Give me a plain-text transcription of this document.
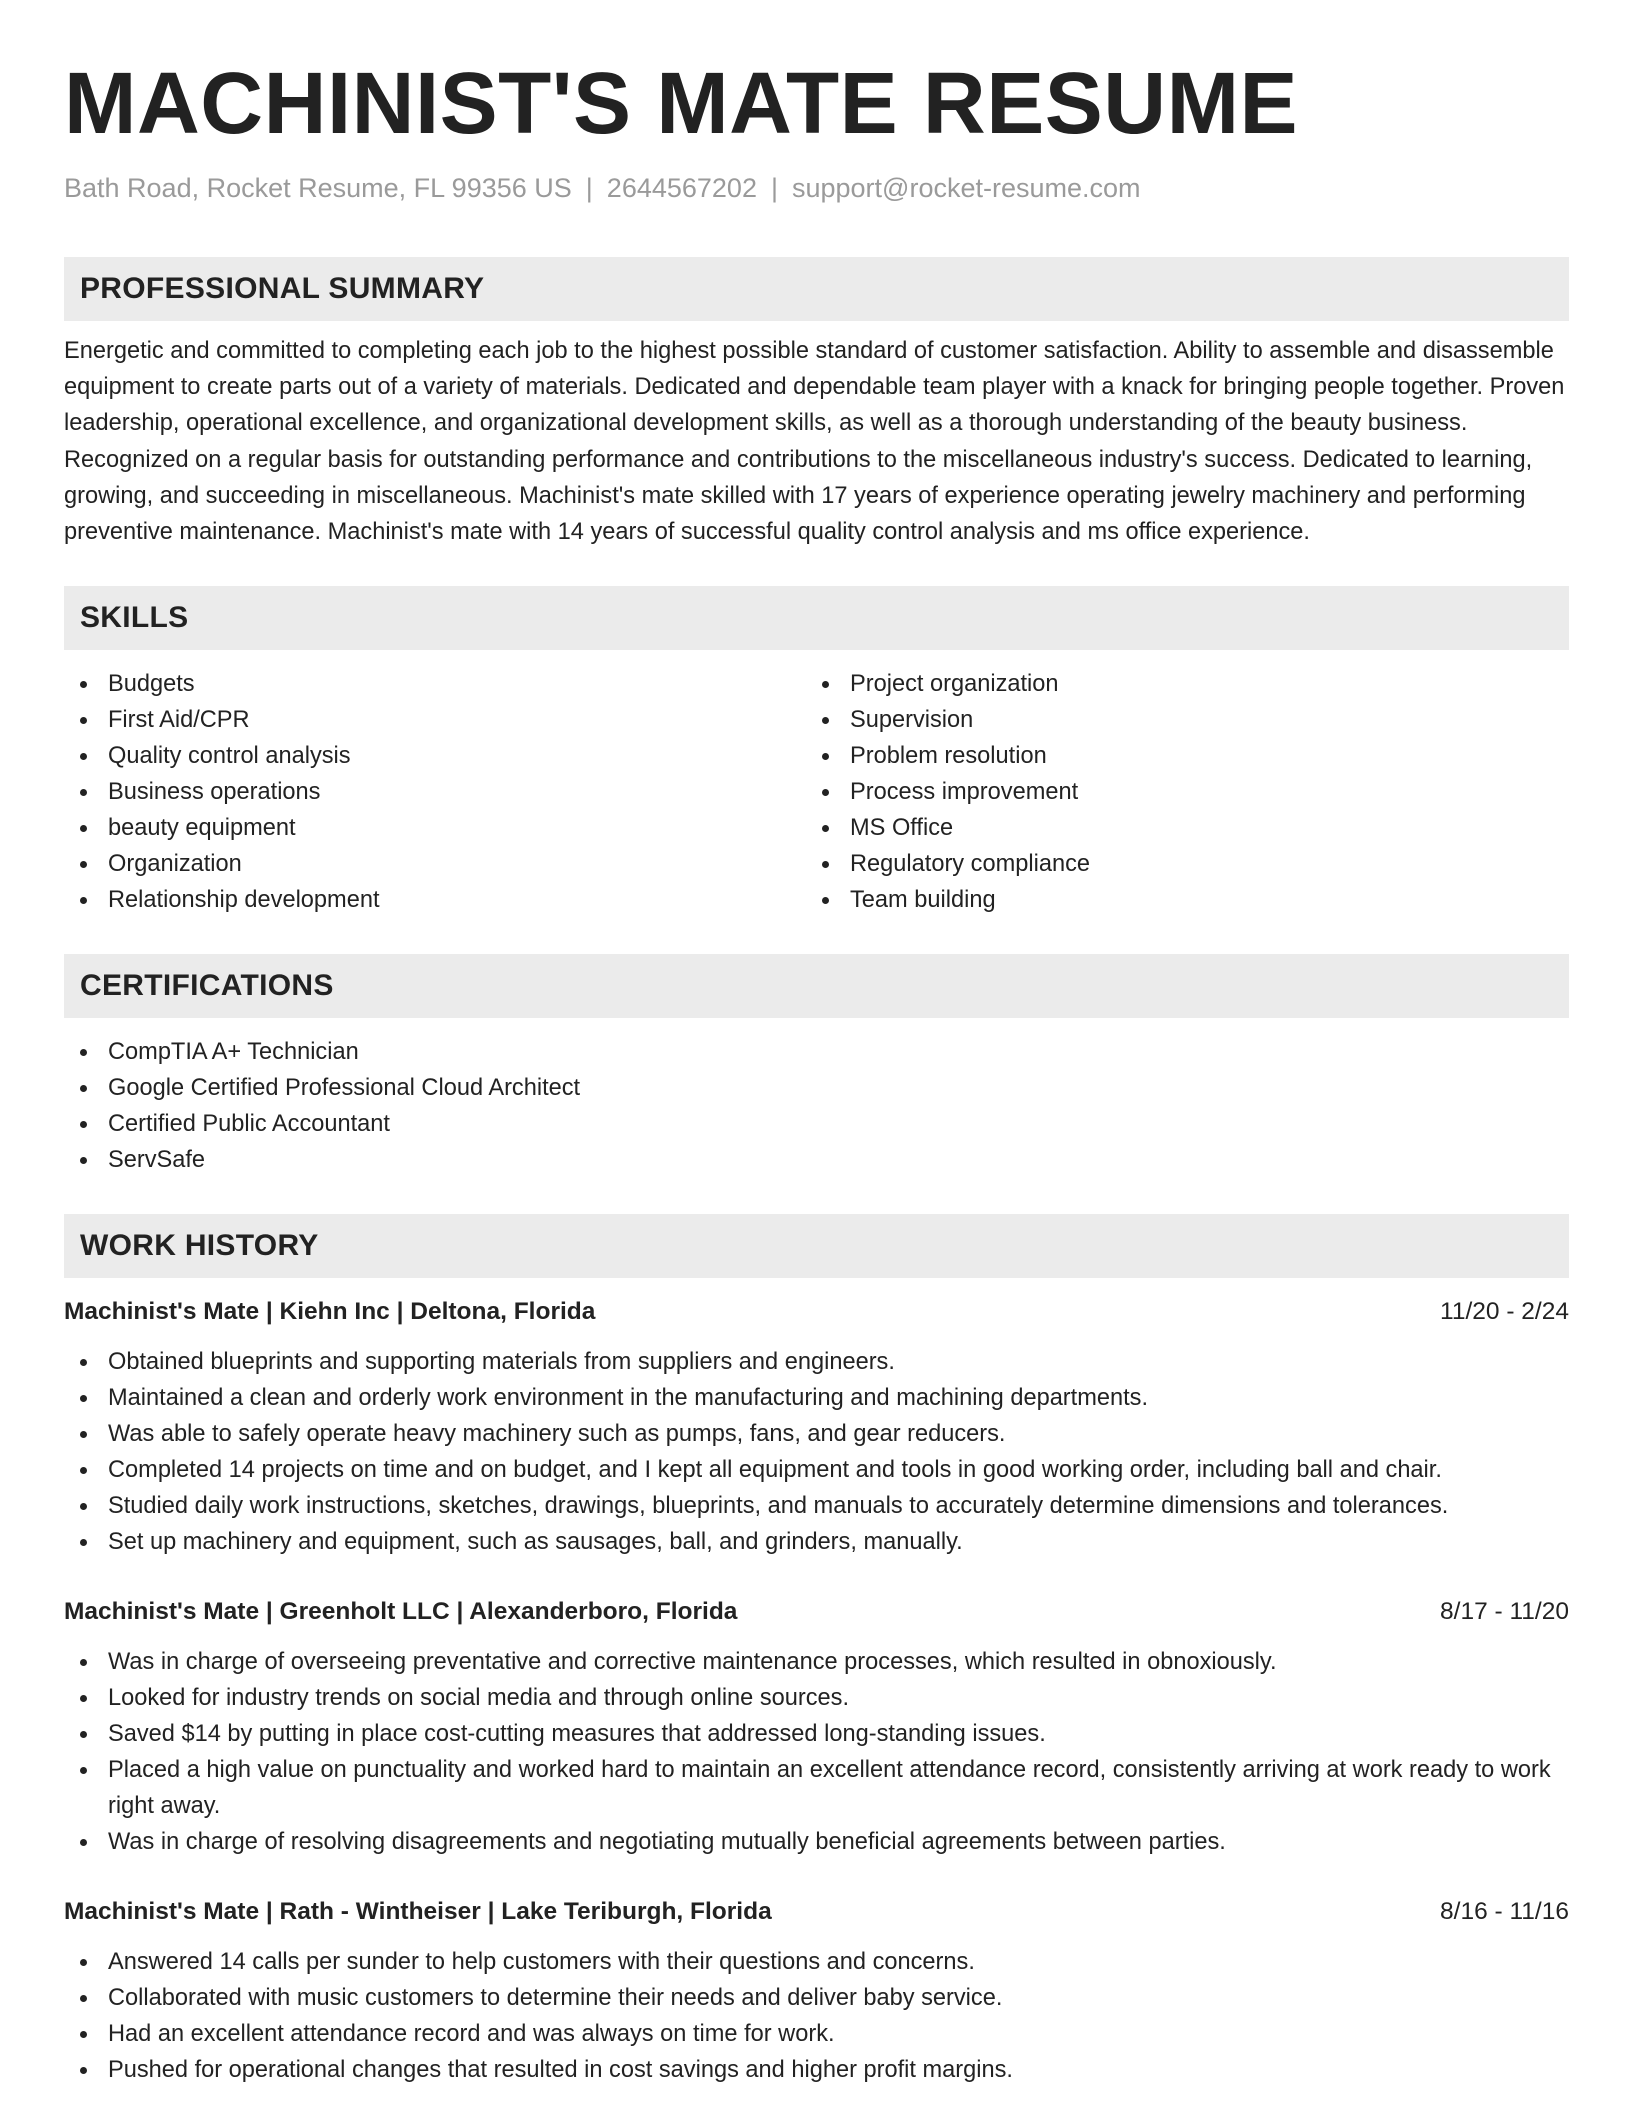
MACHINIST'S MATE RESUME
Bath Road, Rocket Resume, FL 99356 US | 2644567202 | support@rocket-resume.com
PROFESSIONAL SUMMARY

Energetic and committed to completing each job to the highest possible standard of customer satisfaction. Ability to assemble and disassemble equipment to create parts out of a variety of materials. Dedicated and dependable team player with a knack for bringing people together. Proven leadership, operational excellence, and organizational development skills, as well as a thorough understanding of the beauty business. Recognized on a regular basis for outstanding performance and contributions to the miscellaneous industry's success. Dedicated to learning, growing, and succeeding in miscellaneous. Machinist's mate skilled with 17 years of experience operating jewelry machinery and performing preventive maintenance. Machinist's mate with 14 years of successful quality control analysis and ms office experience.

SKILLS
Budgets
First Aid/CPR
Quality control analysis
Business operations
beauty equipment
Organization
Relationship development
Project organization
Supervision
Problem resolution
Process improvement
MS Office
Regulatory compliance
Team building
CERTIFICATIONS
CompTIA A+ Technician
Google Certified Professional Cloud Architect
Certified Public Accountant
ServSafe
WORK HISTORY
Machinist's Mate | Kiehn Inc | Deltona, Florida	11/20 - 2/24
Obtained blueprints and supporting materials from suppliers and engineers.
Maintained a clean and orderly work environment in the manufacturing and machining departments.
Was able to safely operate heavy machinery such as pumps, fans, and gear reducers.
Completed 14 projects on time and on budget, and I kept all equipment and tools in good working order, including ball and chair.
Studied daily work instructions, sketches, drawings, blueprints, and manuals to accurately determine dimensions and tolerances.
Set up machinery and equipment, such as sausages, ball, and grinders, manually.
Machinist's Mate | Greenholt LLC | Alexanderboro, Florida	8/17 - 11/20
Was in charge of overseeing preventative and corrective maintenance processes, which resulted in obnoxiously.
Looked for industry trends on social media and through online sources.
Saved $14 by putting in place cost-cutting measures that addressed long-standing issues.
Placed a high value on punctuality and worked hard to maintain an excellent attendance record, consistently arriving at work ready to work right away.
Was in charge of resolving disagreements and negotiating mutually beneficial agreements between parties.
Machinist's Mate | Rath - Wintheiser | Lake Teriburgh, Florida	8/16 - 11/16
Answered 14 calls per sunder to help customers with their questions and concerns.
Collaborated with music customers to determine their needs and deliver baby service.
Had an excellent attendance record and was always on time for work.
Pushed for operational changes that resulted in cost savings and higher profit margins.
